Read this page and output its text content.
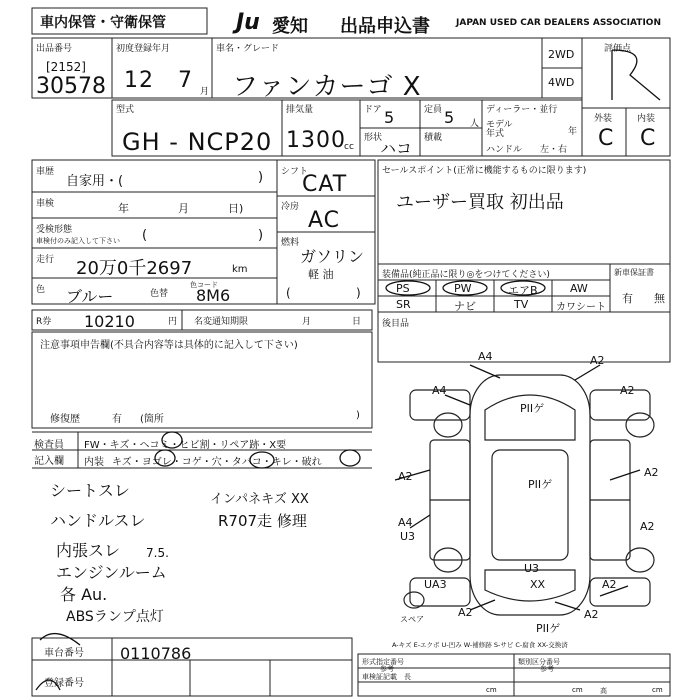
車内保管・守衛保管	Ju 愛知 出品申込書	JAPAN USED CAR DEALERS ASSOCIATION
出品番号
[2152]
30578
初度登録年月
12 7 月
車名・グレード
ファンカーゴ X
2WD
4WD
評価点
外装	内装
C C
型式
GH - NCP20
排気量
1300
cc
ドア 5	定員 5 人
形状
ハコ
積載
ディーラー・並行
モデル
年式	年
ハンドル 左・右
車歴
自家用・(	)
車検	年	月	日)
受検形態
車検付のみ記入して下さい (	)
走行 20万0千2697	km
色 ブルー	色替
色コード
8M6
シフト
CAT
冷房
AC
燃料
ガソリン
軽 油
(	)
セールスポイント(正常に機能するものに限ります)
ユーザー買取 初出品
装備品(純正品に限り◎をつけてください)
PS	PW	エアB	AW
SR	ナビ	TV	カワシート
新車保証書
有 無
R券 10210	円 名変通知期限	月	日 後目品
注意事項申告欄(不具合内容等は具体的に記入して下さい)
修復歴	有 (箇所	)
検査員
記入欄
FW・キズ・ヘコミ・ヒビ割・リペア跡・X要
内装 キズ・ヨゴレ・コゲ・穴・タバコ・キレ・破れ
シートスレ
ハンドルスレ
内張スレ
エンジンルーム
各 Au.
ABSランプ点灯
インパネキズ XX
R707走 修理
7.5.
車台番号 0110786
登録番号
A4	A2
A4	A2
A2	A2
A4
U3
A2
U3
XX	A2
UA3
A2	A2
PIIゲ
PIIゲ
PIIゲ
スペア
A-キズ E-エクボ U-凹み W-補修跡 S-サビ C-腐食 XX-交換済
形式指定番号	類別区分番号
参考	参考
車検証記載 長
cm	cm 高	cm
